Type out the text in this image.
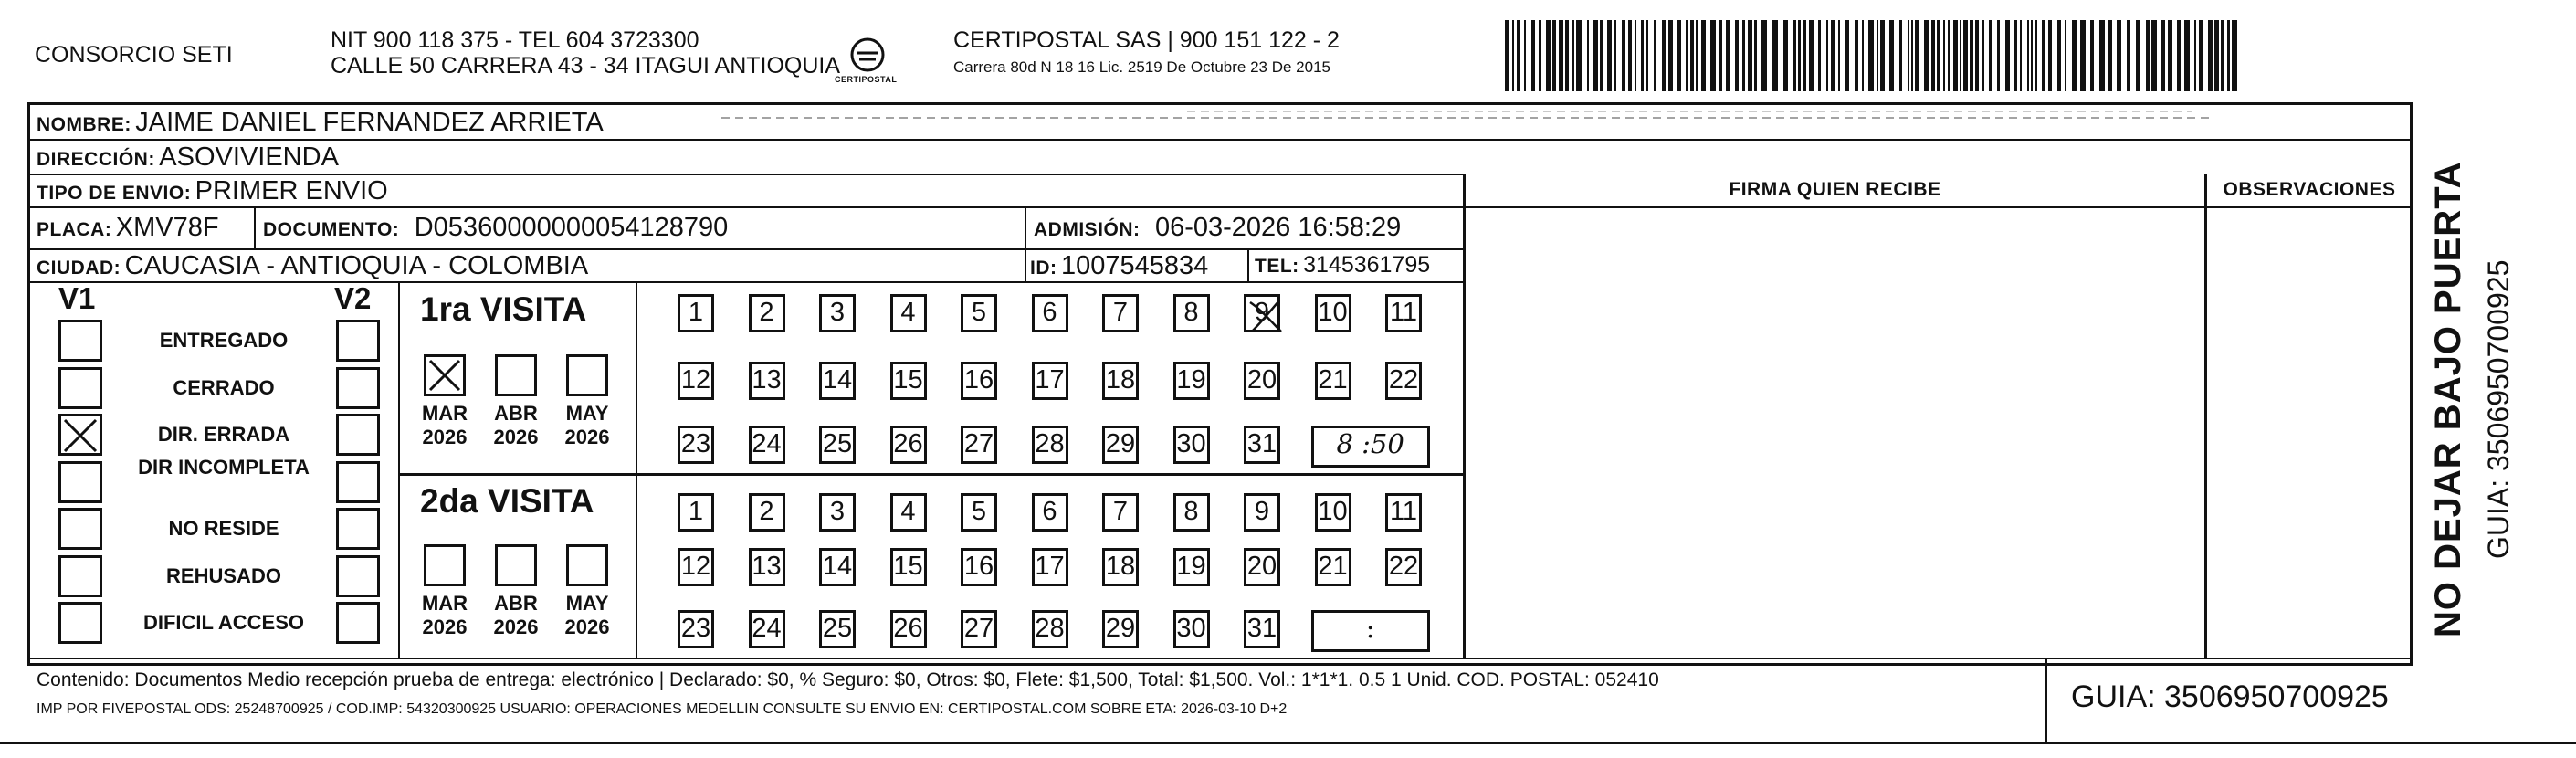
CONSORCIO SETI
NIT 900 118 375 - TEL 604 3723300
CALLE 50 CARRERA 43 - 34 ITAGUI ANTIOQUIA
CERTIPOSTAL
CERTIPOSTAL SAS | 900 151 122 - 2
Carrera 80d N 18 16 Lic. 2519 De Octubre 23 De 2015
NOMBRE: JAIME DANIEL FERNANDEZ ARRIETA
DIRECCIÓN: ASOVIVIENDA
TIPO DE ENVIO: PRIMER ENVIO
PLACA: XMV78F DOCUMENTO: D05360000000054128790	ADMISIÓN: 06-03-2026 16:58:29
CIUDAD: CAUCASIA - ANTIOQUIA - COLOMBIA	ID: 1007545834 TEL: 3145361795
FIRMA QUIEN RECIBE	OBSERVACIONES
V1	V2
ENTREGADO
CERRADO
DIR. ERRADA
DIR INCOMPLETA
NO RESIDE
REHUSADO
DIFICIL ACCESO
1ra VISITA
2da VISITA
MAR
2026
ABR
2026
MAY
2026
MAR
2026
ABR
2026
MAY
2026
1	2	3	4	5	6	7	8	9	10 11
12 13 14 15 16 17 18 19 20 21 22
23 24 25 26 27 28 29 30 31	8 :50
1	2	3	4	5	6	7	8	9	10 11
12 13 14 15 16 17 18 19 20 21 22
23 24 25 26 27 28 29 30 31	:	NO DEJAR BAJO PUERTA GUIA: 3506950700925
Contenido: Documentos Medio recepción prueba de entrega: electrónico | Declarado: $0, % Seguro: $0, Otros: $0, Flete: $1,500, Total: $1,500. Vol.: 1*1*1. 0.5 1 Unid. COD. POSTAL: 052410
IMP POR FIVEPOSTAL ODS: 25248700925 / COD.IMP: 54320300925 USUARIO: OPERACIONES MEDELLIN CONSULTE SU ENVIO EN: CERTIPOSTAL.COM SOBRE ETA: 2026-03-10 D+2	GUIA: 3506950700925
